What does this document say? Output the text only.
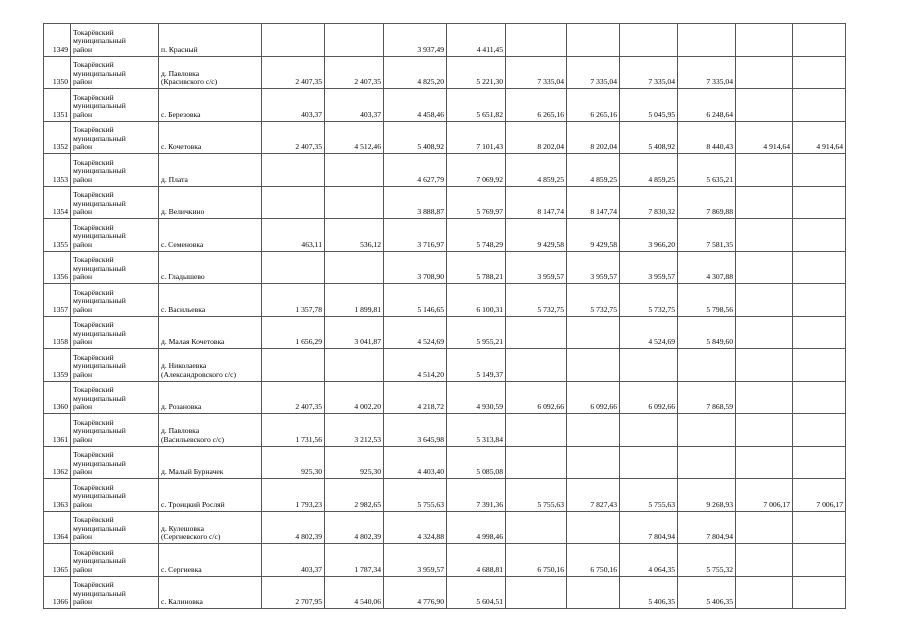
1349	Токарёвский
муниципальный
район	п. Красный			3 937,49	4 411,45						
1350	Токарёвский
муниципальный
район	д. Павловка
(Красивского с/с)	2 407,35	2 407,35	4 825,20	5 221,30	7 335,04	7 335,04	7 335,04	7 335,04		
1351	Токарёвский
муниципальный
район	с. Березовка	403,37	403,37	4 458,46	5 651,82	6 265,16	6 265,16	5 045,95	6 248,64		
1352	Токарёвский
муниципальный
район	с. Кочетовка	2 407,35	4 512,46	5 408,92	7 101,43	8 202,04	8 202,04	5 408,92	8 440,43	4 914,64	4 914,64
1353	Токарёвский
муниципальный
район	д. Плата			4 627,79	7 069,92	4 859,25	4 859,25	4 859,25	5 635,21		
1354	Токарёвский
муниципальный
район	д. Величкино			3 888,87	5 769,97	8 147,74	8 147,74	7 830,32	7 869,88		
1355	Токарёвский
муниципальный
район	с. Семеновка	463,11	536,12	3 716,97	5 748,29	9 429,58	9 429,58	3 966,20	7 581,35		
1356	Токарёвский
муниципальный
район	с. Гладышево			3 708,90	5 788,21	3 959,57	3 959,57	3 959,57	4 307,88		
1357	Токарёвский
муниципальный
район	с. Васильевка	1 357,78	1 899,81	5 146,65	6 100,31	5 732,75	5 732,75	5 732,75	5 798,56		
1358	Токарёвский
муниципальный
район	д. Малая Кочетовка	1 656,29	3 041,87	4 524,69	5 955,21			4 524,69	5 849,60		
1359	Токарёвский
муниципальный
район	д. Николаевка
(Александровского с/с)			4 514,20	5 149,37						
1360	Токарёвский
муниципальный
район	д. Розановка	2 407,35	4 002,20	4 218,72	4 930,59	6 092,66	6 092,66	6 092,66	7 868,59		
1361	Токарёвский
муниципальный
район	д. Павловка
(Васильевского с/с)	1 731,56	3 212,53	3 645,98	5 313,84						
1362	Токарёвский
муниципальный
район	д. Малый Бурначек	925,30	925,30	4 403,40	5 085,08						
1363	Токарёвский
муниципальный
район	с. Троицкий Росляй	1 793,23	2 982,65	5 755,63	7 391,36	5 755,63	7 827,43	5 755,63	9 268,93	7 006,17	7 006,17
1364	Токарёвский
муниципальный
район	д. Кулешовка
(Сергиевского с/с)	4 802,39	4 802,39	4 324,88	4 998,46			7 804,94	7 804,94		
1365	Токарёвский
муниципальный
район	с. Сергиевка	403,37	1 787,34	3 959,57	4 688,81	6 750,16	6 750,16	4 064,35	5 755,32		
1366	Токарёвский
муниципальный
район	с. Калиновка	2 707,95	4 540,06	4 776,90	5 604,51			5 406,35	5 406,35		
